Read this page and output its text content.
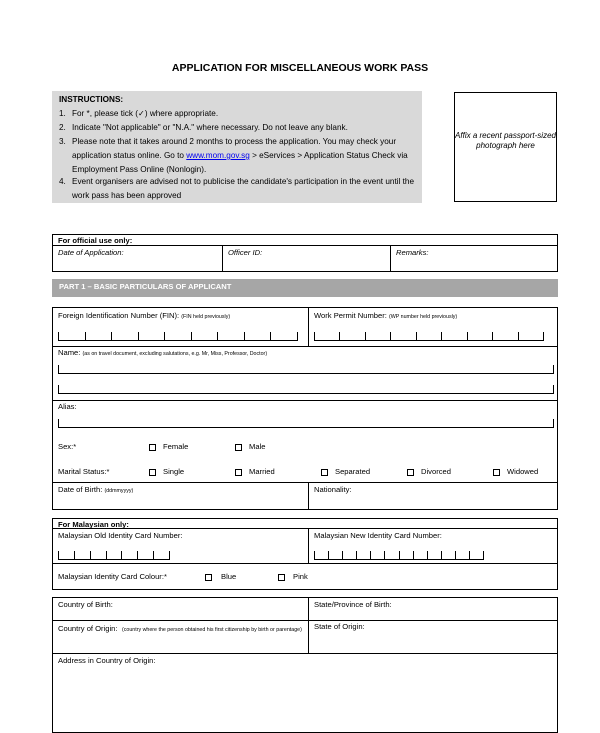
APPLICATION FOR MISCELLANEOUS WORK PASS
INSTRUCTIONS:
1. For *, please tick (✓) where appropriate.
2. Indicate "Not applicable" or "N.A." where necessary. Do not leave any blank.
3. Please note that it takes around 2 months to process the application. You may check your application status online. Go to www.mom.gov.sg > eServices > Application Status Check via Employment Pass Online (Nonlogin).
4. Event organisers are advised not to publicise the candidate's participation in the event until the work pass has been approved
Affix a recent passport-sized photograph here
For official use only:
Date of Application:	Officer ID:	Remarks:
PART 1 – BASIC PARTICULARS OF APPLICANT
Foreign Identification Number (FIN): (FIN held previously)	Work Permit Number: (WP number held previously)
Name: (as on travel document, excluding salutations, e.g. Mr, Miss, Professor, Doctor)
Alias:
Sex:*	Female	Male
Marital Status:*	Single	Married	Separated	Divorced	Widowed
Date of Birth: (ddmmyyyy)	Nationality:
For Malaysian only:
Malaysian Old Identity Card Number:	Malaysian New Identity Card Number:
Malaysian Identity Card Colour:*	Blue	Pink
Country of Birth:	State/Province of Birth:
Country of Origin: (country where the person obtained his first citizenship by birth or parentage) State of Origin:
Address in Country of Origin:
